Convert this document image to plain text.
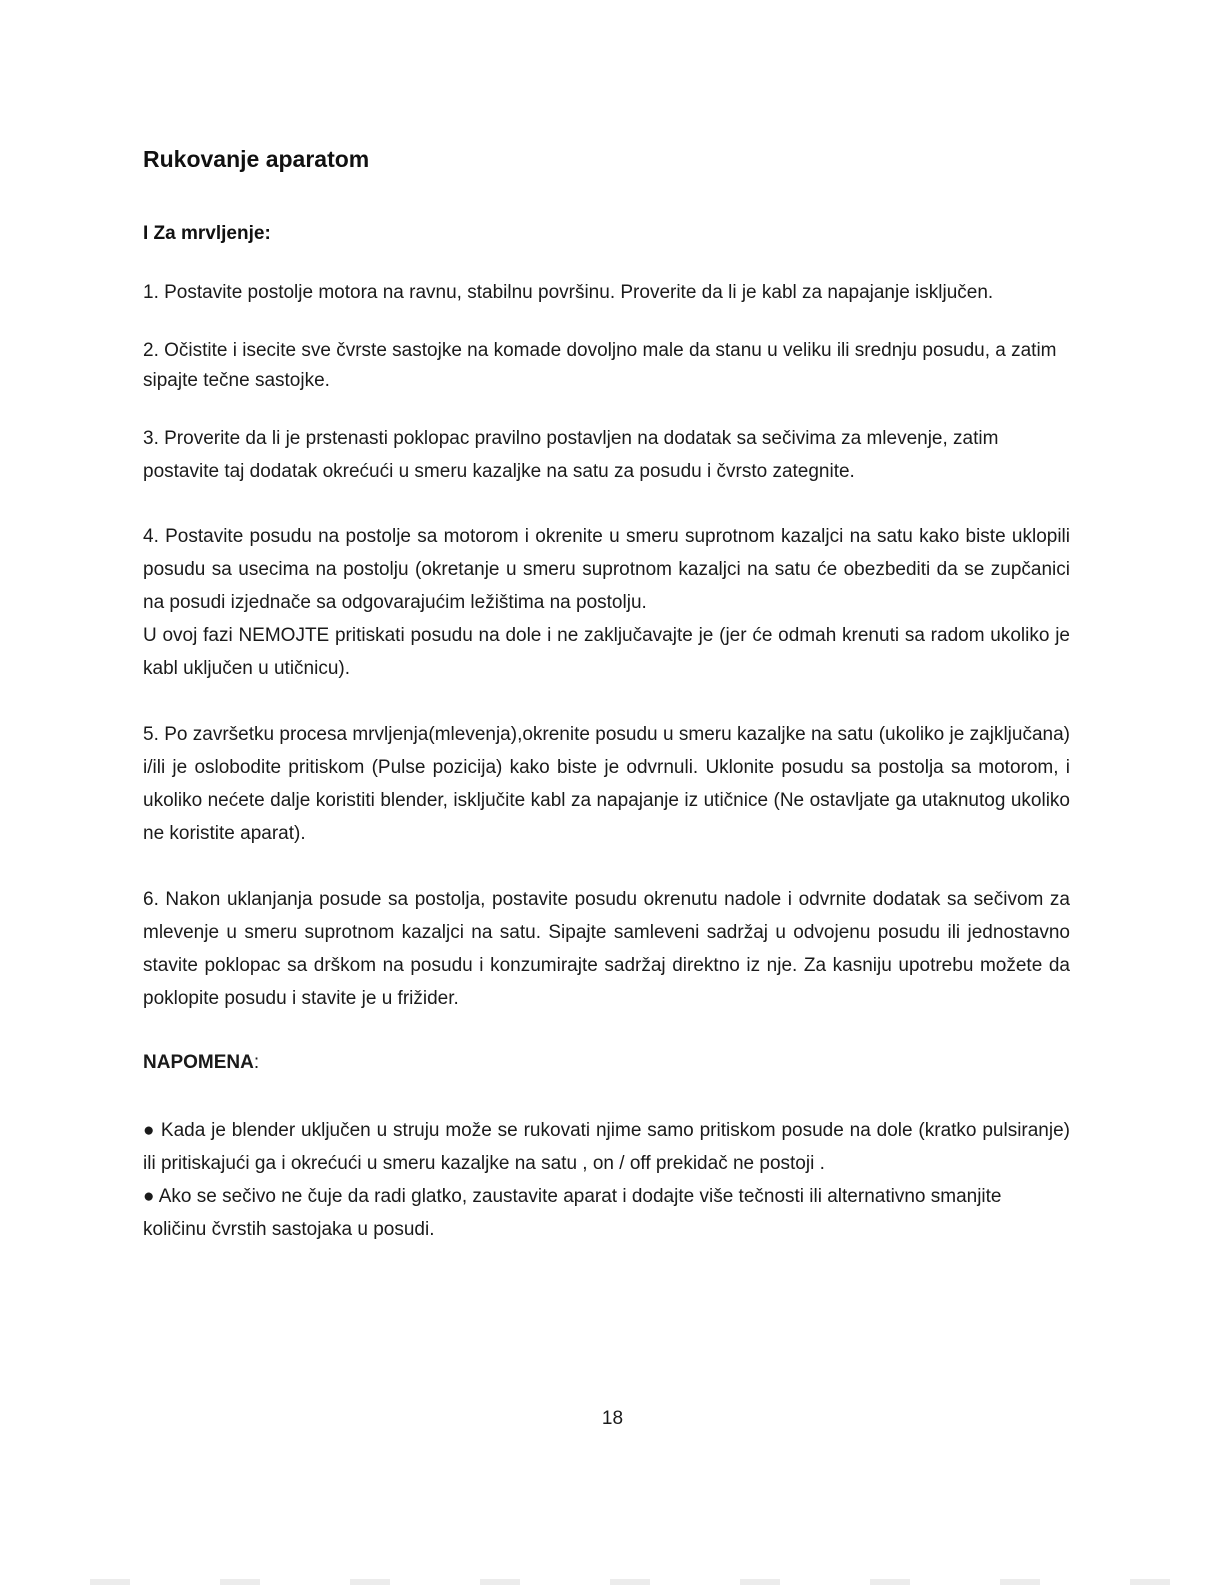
Rukovanje aparatom
I Za mrvljenje:

1. Postavite postolje motora na ravnu, stabilnu površinu. Proverite da li je kabl za napajanje isključen.

2. Očistite i isecite sve čvrste sastojke na komade dovoljno male da stanu u veliku ili srednju posudu, a zatim sipajte tečne sastojke.

3. Proverite da li je prstenasti poklopac pravilno postavljen na dodatak sa sečivima za mlevenje, zatim postavite taj dodatak okrećući u smeru kazaljke na satu za posudu i čvrsto zategnite.

4. Postavite posudu na postolje sa motorom i okrenite u smeru suprotnom kazaljci na satu kako biste uklopili posudu sa usecima na postolju (okretanje u smeru suprotnom kazaljci na satu će obezbediti da se zupčanici na posudi izjednače sa odgovarajućim ležištima na postolju.

U ovoj fazi NEMOJTE pritiskati posudu na dole i ne zaključavajte je (jer će odmah krenuti sa radom ukoliko je kabl uključen u utičnicu).

5. Po završetku procesa mrvljenja(mlevenja),okrenite posudu u smeru kazaljke na satu (ukoliko je zajključana) i/ili je oslobodite pritiskom (Pulse pozicija) kako biste je odvrnuli. Uklonite posudu sa postolja sa motorom, i ukoliko nećete dalje koristiti blender, isključite kabl za napajanje iz utičnice (Ne ostavljate ga utaknutog ukoliko ne koristite aparat).

6. Nakon uklanjanja posude sa postolja, postavite posudu okrenutu nadole i odvrnite dodatak sa sečivom za mlevenje u smeru suprotnom kazaljci na satu. Sipajte samleveni sadržaj u odvojenu posudu ili jednostavno stavite poklopac sa drškom na posudu i konzumirajte sadržaj direktno iz nje. Za kasniju upotrebu možete da poklopite posudu i stavite je u frižider.

NAPOMENA:

● Kada je blender uključen u struju može se rukovati njime samo pritiskom posude na dole (kratko pulsiranje) ili pritiskajući ga i okrećući u smeru kazaljke na satu , on / off prekidač ne postoji .

● Ako se sečivo ne čuje da radi glatko, zaustavite aparat i dodajte više tečnosti ili alternativno smanjite količinu čvrstih sastojaka u posudi.

18
